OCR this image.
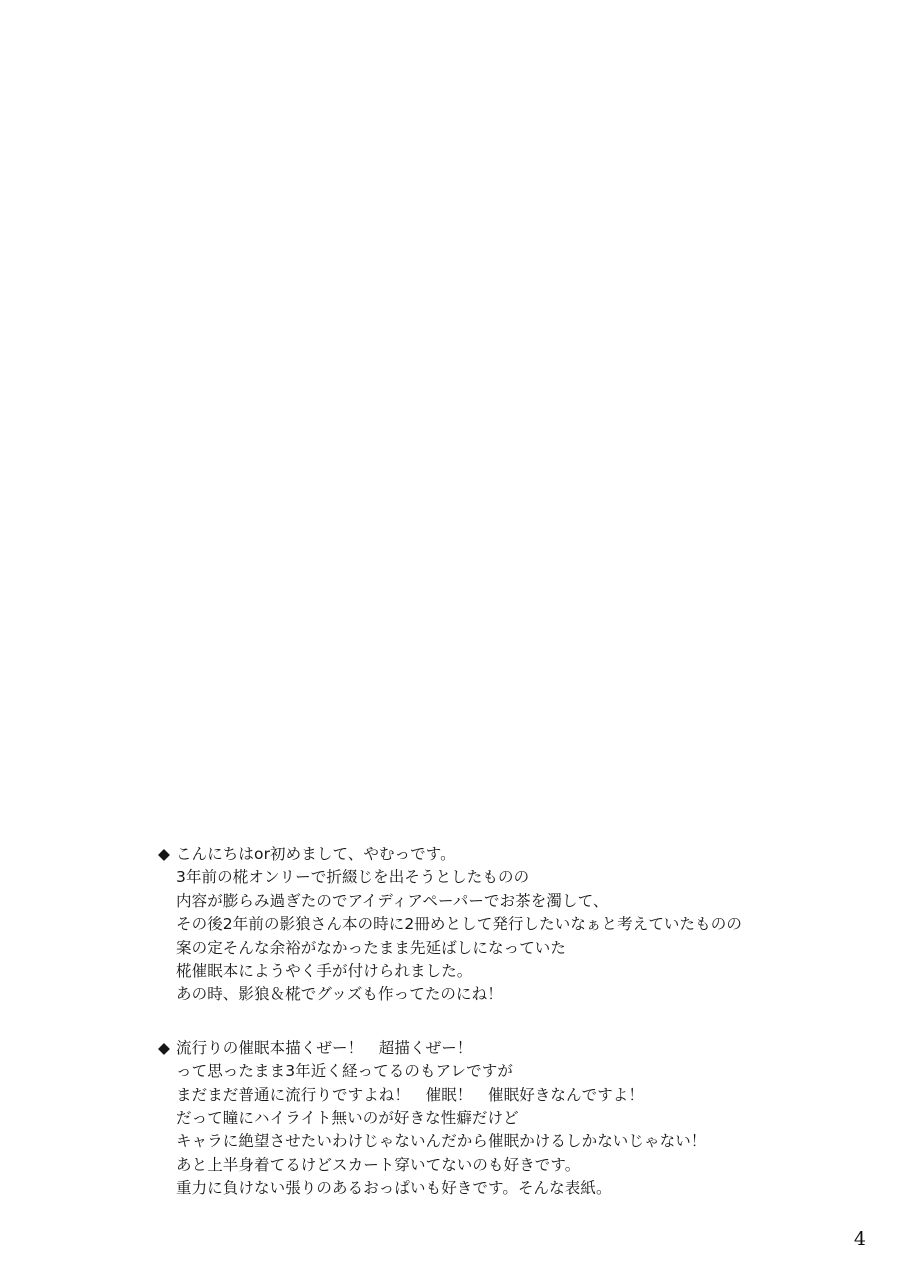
◆ こんにちはor初めまして、やむっです。
3年前の椛オンリーで折綴じを出そうとしたものの
内容が膨らみ過ぎたのでアイディアペーパーでお茶を濁して、
その後2年前の影狼さん本の時に2冊めとして発行したいなぁと考えていたものの
案の定そんな余裕がなかったまま先延ばしになっていた
椛催眠本にようやく手が付けられました。
あの時、影狼＆椛でグッズも作ってたのにね！
◆ 流行りの催眠本描くぜー！　超描くぜー！
って思ったまま3年近く経ってるのもアレですが
まだまだ普通に流行りですよね！　催眠！　催眠好きなんですよ！
だって瞳にハイライト無いのが好きな性癖だけど
キャラに絶望させたいわけじゃないんだから催眠かけるしかないじゃない！
あと上半身着てるけどスカート穿いてないのも好きです。
重力に負けない張りのあるおっぱいも好きです。そんな表紙。
4
